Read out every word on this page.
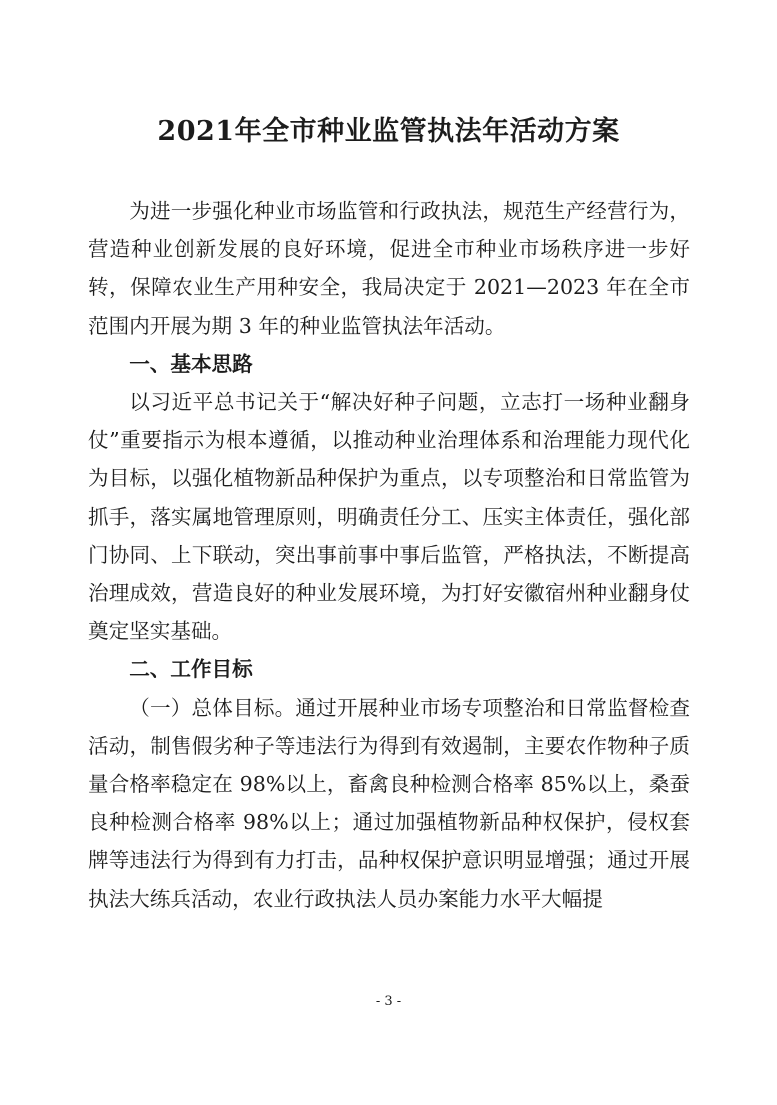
2021年全市种业监管执法年活动方案

为进一步强化种业市场监管和行政执法，规范生产经营行为，营造种业创新发展的良好环境，促进全市种业市场秩序进一步好转，保障农业生产用种安全，我局决定于 2021—2023 年在全市范围内开展为期 3 年的种业监管执法年活动。

一、基本思路

以习近平总书记关于“解决好种子问题，立志打一场种业翻身仗”重要指示为根本遵循，以推动种业治理体系和治理能力现代化为目标，以强化植物新品种保护为重点，以专项整治和日常监管为抓手，落实属地管理原则，明确责任分工、压实主体责任，强化部门协同、上下联动，突出事前事中事后监管，严格执法，不断提高治理成效，营造良好的种业发展环境，为打好安徽宿州种业翻身仗奠定坚实基础。

二、工作目标

（一）总体目标。通过开展种业市场专项整治和日常监督检查活动，制售假劣种子等违法行为得到有效遏制，主要农作物种子质量合格率稳定在 98%以上，畜禽良种检测合格率 85%以上，桑蚕良种检测合格率 98%以上；通过加强植物新品种权保护，侵权套牌等违法行为得到有力打击，品种权保护意识明显增强；通过开展执法大练兵活动，农业行政执法人员办案能力水平大幅提

- 3 -
